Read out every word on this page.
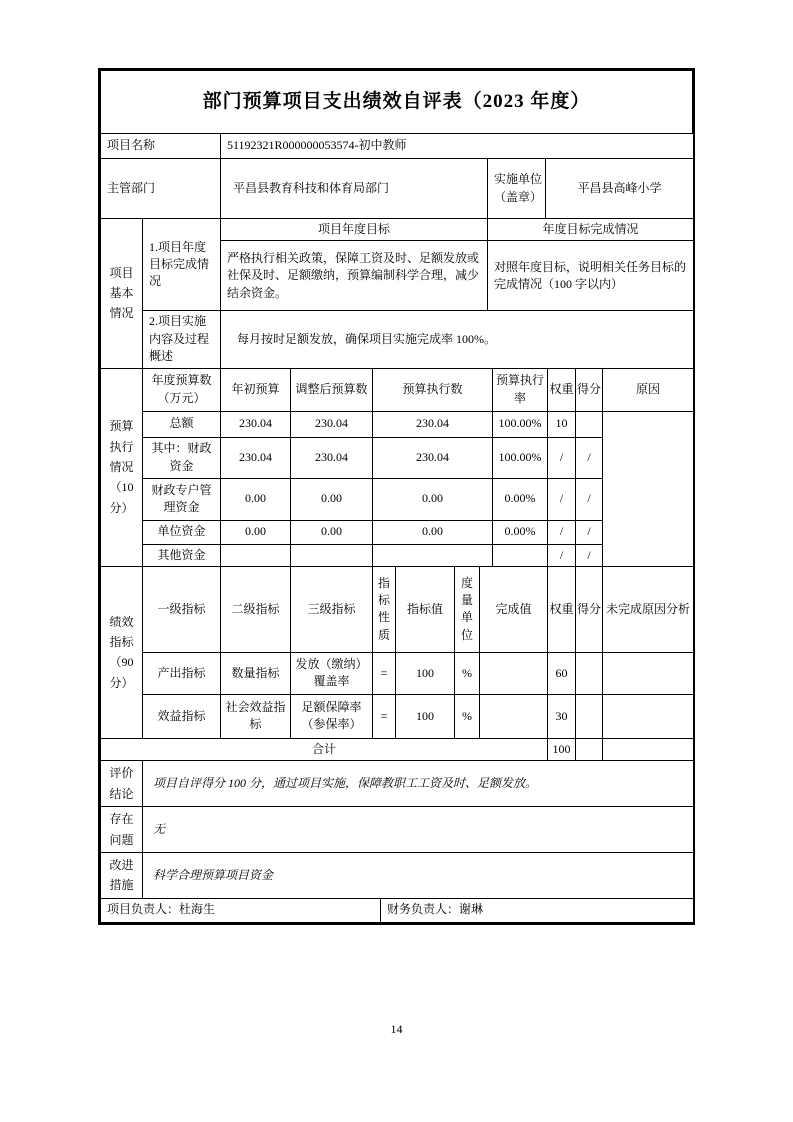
部门预算项目支出绩效自评表（2023 年度）
项目名称	51192321R000000053574-初中教师
主管部门	平昌县教育科技和体育局部门	实施单位（盖章）	平昌县高峰小学
项目基本情况	1.项目年度目标完成情况	项目年度目标	年度目标完成情况
		严格执行相关政策，保障工资及时、足额发放或社保及时、足额缴纳，预算编制科学合理，减少结余资金。	对照年度目标，说明相关任务目标的完成情况（100 字以内）
	2.项目实施内容及过程概述	每月按时足额发放，确保项目实施完成率 100%。	
预算执行情况（10分）	年度预算数（万元）	年初预算	调整后预算数	预算执行数	预算执行率	权重	得分	原因
	总额	230.04	230.04	230.04	100.00%	10		
	其中：财政资金	230.04	230.04	230.04	100.00%	/	/	
	财政专户管理资金	0.00	0.00	0.00	0.00%	/	/	
	单位资金	0.00	0.00	0.00	0.00%	/	/	
	其他资金					/	/	
绩效指标（90分）	一级指标	二级指标	三级指标	指标性质	指标值	度量单位	完成值	权重	得分	未完成原因分析
	产出指标	数量指标	发放（缴纳）覆盖率	=	100	%		60		
	效益指标	社会效益指标	足额保障率（参保率）	=	100	%		30		
合计								100		
评价结论	项目自评得分 100 分，通过项目实施，保障教职工工资及时、足额发放。
存在问题	无
改进措施	科学合理预算项目资金
项目负责人：杜海生	财务负责人：谢琳
14
